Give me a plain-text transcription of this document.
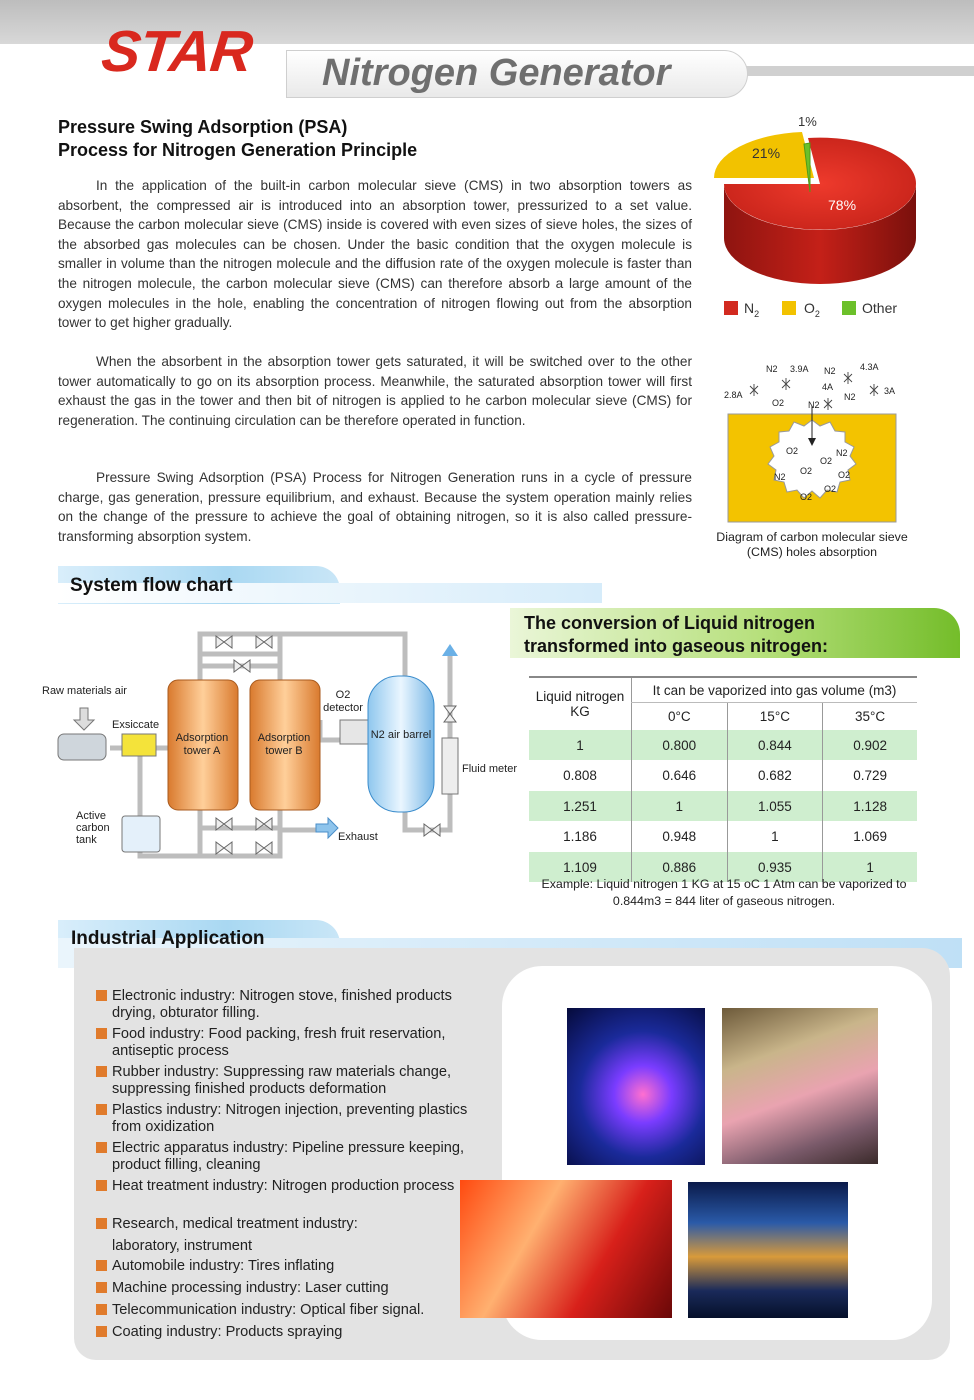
STAR Nitrogen Generator
Pressure Swing Adsorption (PSA)
Process for Nitrogen Generation Principle
In the application of the built-in carbon molecular sieve (CMS) in two absorption towers as absorbent, the compressed air is introduced into an absorption tower, pressurized to a set value. Because the carbon molecular sieve (CMS) inside is covered with even sizes of sieve holes, the sizes of the absorbed gas molecules can be chosen. Under the basic condition that the oxygen molecule is smaller in volume than the nitrogen molecule and the diffusion rate of the oxygen molecule is faster than the nitrogen molecule, the carbon molecular sieve (CMS) can therefore absorb a large amount of the oxygen molecules in the hole, enabling the concentration of nitrogen flowing out from the absorption tower to get higher gradually.
When the absorbent in the absorption tower gets saturated, it will be switched over to the other tower automatically to go on its absorption process. Meanwhile, the saturated absorption tower will first exhaust the gas in the tower and then bit of nitrogen is applied to he carbon molecular sieve (CMS) for regeneration. The continuing circulation can be therefore operated in function.
Pressure Swing Adsorption (PSA) Process for Nitrogen Generation runs in a cycle of pressure charge, gas generation, pressure equilibrium, and exhaust. Because the system operation mainly relies on the change of the pressure to achieve the goal of obtaining nitrogen, so it is also called pressure-transforming absorption system.
78%
21%
1%
$N_2$	$O_2$	Other
N2 3.9A N2	4.3A
2.8A
4A	3A
O2	N2
N2
O2
O2
N2
N2
O2	O2
O2
O2
Diagram of carbon molecular sieve (CMS) holes absorption
System flow chart
Raw materials air
Exsiccate
Exhaust
Fluid meter
Active carbon tank
Adsorption tower A
Adsorption tower B
O2 detector
N2 air barrel
The conversion of Liquid nitrogen
transformed into gaseous nitrogen:
Liquid nitrogen KG	It can be vaporized into gas volume (m3)		
	0°C	15°C	35°C
1	0.800	0.844	0.902
0.808	0.646	0.682	0.729
1.251	1	1.055	1.128
1.186	0.948	1	1.069
1.109	0.886	0.935	1
Example: Liquid nitrogen 1 KG at 15 oC 1 Atm can be vaporized to 0.844m3 = 844 liter of gaseous nitrogen.
Industrial Application
Electronic industry: Nitrogen stove, finished products drying, obturator filling.
Food industry: Food packing, fresh fruit reservation, antiseptic process
Rubber industry: Suppressing raw materials change, suppressing finished products deformation
Plastics industry: Nitrogen injection, preventing plastics from oxidization
Electric apparatus industry: Pipeline pressure keeping, product filling, cleaning
Heat treatment industry: Nitrogen production process
Research, medical treatment industry:
laboratory, instrument
Automobile industry: Tires inflating
Machine processing industry: Laser cutting
Telecommunication industry: Optical fiber signal.
Coating industry: Products spraying
